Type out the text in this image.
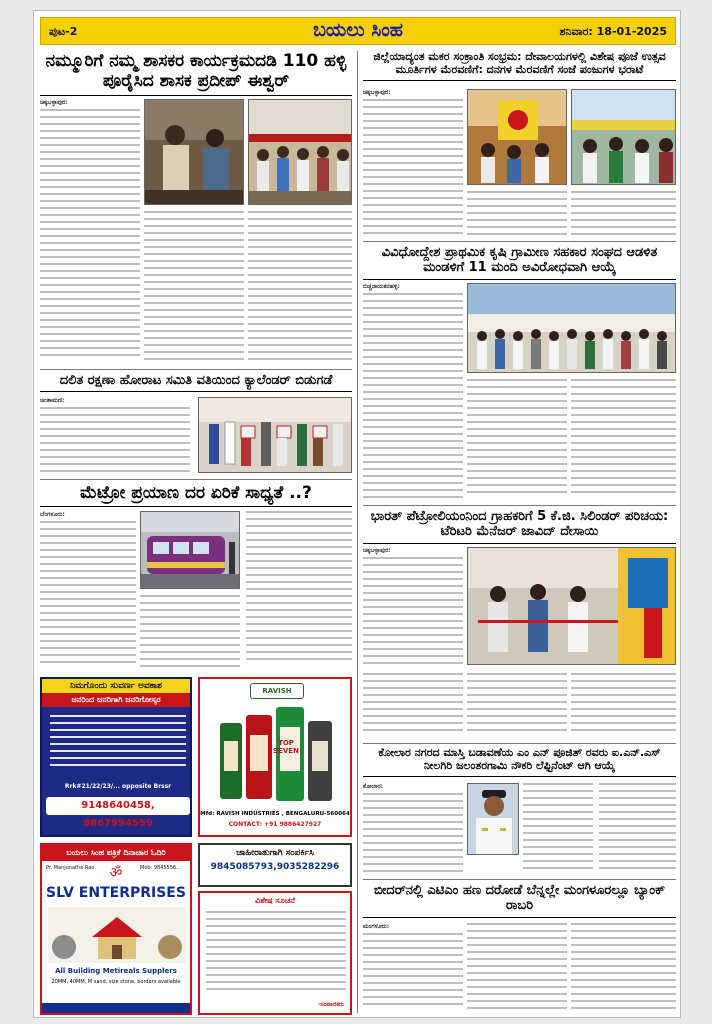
ಪುಟ-2	ಬಯಲು ಸಿಂಹ	ಶನಿವಾರ: 18-01-2025
ನಮ್ಮೂರಿಗೆ ನಮ್ಮ ಶಾಸಕರ ಕಾರ್ಯಕ್ರಮದಡಿ 110 ಹಳ್ಳಿ ಪೂರೈಸಿದ ಶಾಸಕ ಪ್ರದೀಪ್ ಈಶ್ವರ್
ಚಿಕ್ಕಬಳ್ಳಾಪುರ:
ದಲಿತ ರಕ್ಷಣಾ ಹೋರಾಟ ಸಮಿತಿ ವತಿಯಿಂದ ಕ್ಯಾಲೆಂಡರ್ ಬಿಡುಗಡೆ
ಚಿಂತಾಮಣಿ:
ಮೆಟ್ರೋ ಪ್ರಯಾಣ ದರ ಏರಿಕೆ ಸಾಧ್ಯತೆ ..?
ಬೆಂಗಳೂರು:
ನಿಮಗೊಂದು ಸುವರ್ಣ ಅವಕಾಶ
ಜನರಿಂದ ಜನರಿಗಾಗಿ ಜನರಿಗೋಸ್ಕರ
Rrk#21/22/23/... opposite Brssr
9148640458, 8867994559
RAVISH
TOP SEVEN
Mfd: RAVISH INDUSTRIES , BENGALURU-560064
CONTACT: +91 9886427927
ಬಯಲು ಸಿಂಹ ಪತ್ರಿಕೆ ದಿನಾಚಾರ ಓದಿರಿ
Pr. Manjunatha Rao	Mob: 9845556...
ॐ
SLV ENTERPRISES
All Building Metireals Supplers
20MM, 40MM, M sand, size stone, borders available
ಜಾಹೀರಾತುಗಾಗಿ ಸಂಪರ್ಕಿಸಿ
9845085793,9035282296
ವಿಶೇಷ ಸೂಚನೆ
-ಸಂಪಾದಕರು
ಜಿಲ್ಲೆಯಾದ್ಯಂತ ಮಕರ ಸಂಕ್ರಾಂತಿ ಸಂಭ್ರಮ: ದೇವಾಲಯಗಳಲ್ಲಿ ವಿಶೇಷ ಪೂಜೆ ಉತ್ಸವ ಮೂರ್ತಿಗಳ ಮೆರವಣಿಗೆ: ದನಗಳ ಮೆರವಣಿಗೆ ಸಂಜೆ ಪಂಜುಗಳ ಭರಾಟೆ
ಚಿಕ್ಕಬಳ್ಳಾಪುರ:
ವಿವಿಧೋದ್ದೇಶ ಪ್ರಾಥಮಿಕ ಕೃಷಿ ಗ್ರಾಮೀಣ ಸಹಕಾರ ಸಂಘದ ಆಡಳಿತ ಮಂಡಳಿಗೆ 11 ಮಂದಿ ಅವಿರೋಧವಾಗಿ ಆಯ್ಕೆ
ಬಿಚ್ಚನಾಯಕನಹಳ್ಳಿ:
ಭಾರತ್ ಪೆಟ್ರೋಲಿಯಂನಿಂದ ಗ್ರಾಹಕರಿಗೆ 5 ಕೆ.ಜಿ. ಸಿಲಿಂಡರ್ ಪರಿಚಯ: ಟೆರಿಟರಿ ಮೆನೆಜರ್ ಜಾವಿದ್ ದೇಸಾಯಿ
ಚಿಕ್ಕಬಳ್ಳಾಪುರ:
ಕೋಲಾರ ನಗರದ ಮಾಸ್ತಿ ಬಡಾವಣೆಯ ಎಂ ಎನ್ ಪೂಜಿತ್ ರವರು ಐ.ಎನ್.ಎಸ್ ನೀಲಗಿರಿ ಜಲಂತರಗಾಮಿ ನೌಕರಿ ಲೆಫ್ಟಿನೆಂಟ್ ಆಗಿ ಆಯ್ಕೆ
ಕೋಲಾರ:
ಬೀದರ್‌ನಲ್ಲಿ ಎಟಿಎಂ ಹಣ ದರೋಡೆ ಬೆನ್ನಲ್ಲೇ ಮಂಗಳೂರಲ್ಲೂ ಬ್ಯಾಂಕ್ ರಾಬರಿ
ಮಂಗಳೂರು:
